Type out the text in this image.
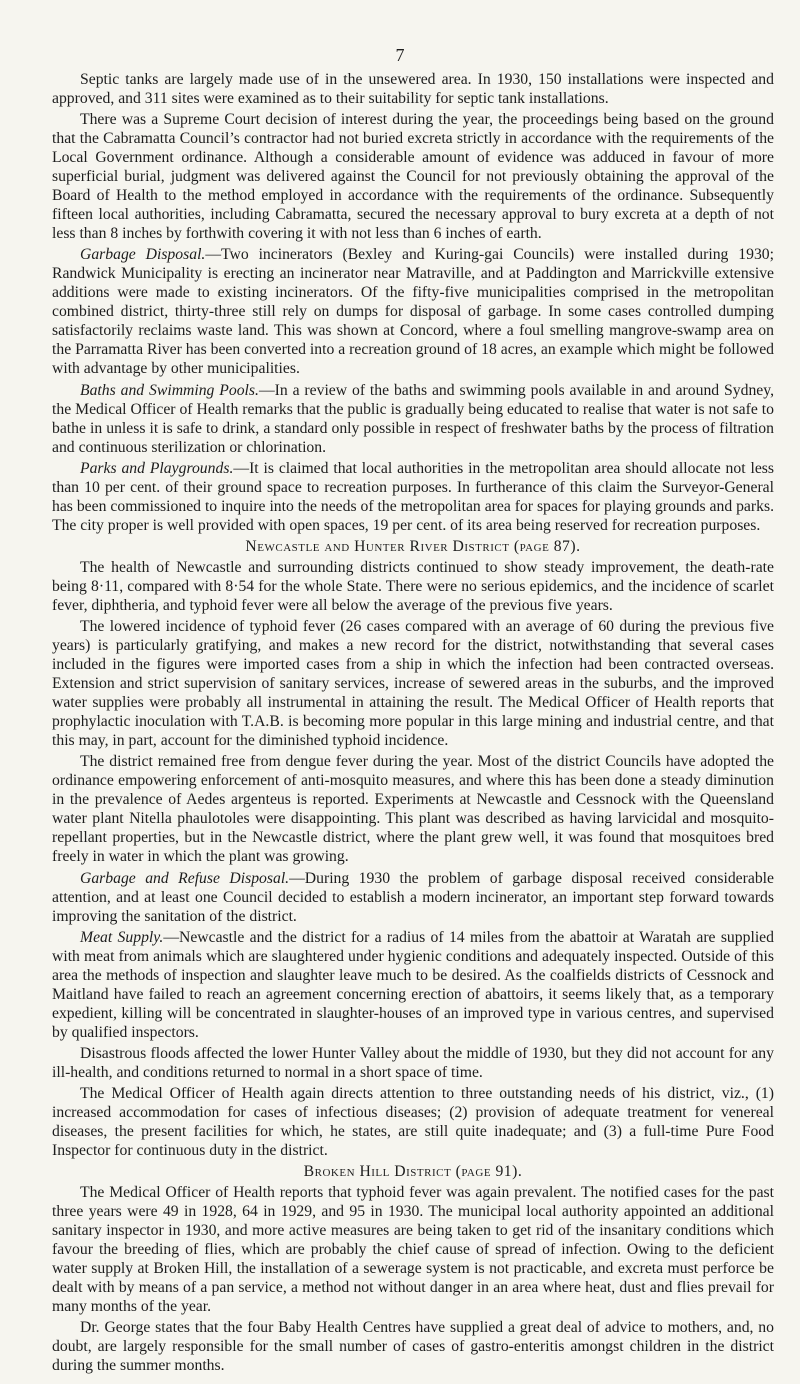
7

Septic tanks are largely made use of in the unsewered area. In 1930, 150 installations were inspected and approved, and 311 sites were examined as to their suitability for septic tank installations.

There was a Supreme Court decision of interest during the year, the proceedings being based on the ground that the Cabramatta Council’s contractor had not buried excreta strictly in accordance with the requirements of the Local Government ordinance. Although a considerable amount of evidence was adduced in favour of more superficial burial, judgment was delivered against the Council for not previously obtaining the approval of the Board of Health to the method employed in accordance with the requirements of the ordinance. Subsequently fifteen local authorities, including Cabramatta, secured the necessary approval to bury excreta at a depth of not less than 8 inches by forthwith covering it with not less than 6 inches of earth.

Garbage Disposal.—Two incinerators (Bexley and Kuring-gai Councils) were installed during 1930; Randwick Municipality is erecting an incinerator near Matraville, and at Paddington and Marrickville extensive additions were made to existing incinerators. Of the fifty-five municipalities comprised in the metropolitan combined district, thirty-three still rely on dumps for disposal of garbage. In some cases controlled dumping satisfactorily reclaims waste land. This was shown at Concord, where a foul smelling mangrove-swamp area on the Parramatta River has been converted into a recreation ground of 18 acres, an example which might be followed with advantage by other municipalities.

Baths and Swimming Pools.—In a review of the baths and swimming pools available in and around Sydney, the Medical Officer of Health remarks that the public is gradually being educated to realise that water is not safe to bathe in unless it is safe to drink, a standard only possible in respect of freshwater baths by the process of filtration and continuous sterilization or chlorination.

Parks and Playgrounds.—It is claimed that local authorities in the metropolitan area should allocate not less than 10 per cent. of their ground space to recreation purposes. In furtherance of this claim the Surveyor-General has been commissioned to inquire into the needs of the metropolitan area for spaces for playing grounds and parks. The city proper is well provided with open spaces, 19 per cent. of its area being reserved for recreation purposes.

Newcastle and Hunter River District (page 87).

The health of Newcastle and surrounding districts continued to show steady improvement, the death-rate being 8·11, compared with 8·54 for the whole State. There were no serious epidemics, and the incidence of scarlet fever, diphtheria, and typhoid fever were all below the average of the previous five years.

The lowered incidence of typhoid fever (26 cases compared with an average of 60 during the previous five years) is particularly gratifying, and makes a new record for the district, notwithstanding that several cases included in the figures were imported cases from a ship in which the infection had been contracted overseas. Extension and strict supervision of sanitary services, increase of sewered areas in the suburbs, and the improved water supplies were probably all instrumental in attaining the result. The Medical Officer of Health reports that prophylactic inoculation with T.A.B. is becoming more popular in this large mining and industrial centre, and that this may, in part, account for the diminished typhoid incidence.

The district remained free from dengue fever during the year. Most of the district Councils have adopted the ordinance empowering enforcement of anti-mosquito measures, and where this has been done a steady diminution in the prevalence of Aedes argenteus is reported. Experiments at Newcastle and Cessnock with the Queensland water plant Nitella phaulotoles were disappointing. This plant was described as having larvicidal and mosquito-repellant properties, but in the Newcastle district, where the plant grew well, it was found that mosquitoes bred freely in water in which the plant was growing.

Garbage and Refuse Disposal.—During 1930 the problem of garbage disposal received considerable attention, and at least one Council decided to establish a modern incinerator, an important step forward towards improving the sanitation of the district.

Meat Supply.—Newcastle and the district for a radius of 14 miles from the abattoir at Waratah are supplied with meat from animals which are slaughtered under hygienic conditions and adequately inspected. Outside of this area the methods of inspection and slaughter leave much to be desired. As the coalfields districts of Cessnock and Maitland have failed to reach an agreement concerning erection of abattoirs, it seems likely that, as a temporary expedient, killing will be concentrated in slaughter-houses of an improved type in various centres, and supervised by qualified inspectors.

Disastrous floods affected the lower Hunter Valley about the middle of 1930, but they did not account for any ill-health, and conditions returned to normal in a short space of time.

The Medical Officer of Health again directs attention to three outstanding needs of his district, viz., (1) increased accommodation for cases of infectious diseases; (2) provision of adequate treatment for venereal diseases, the present facilities for which, he states, are still quite inadequate; and (3) a full-time Pure Food Inspector for continuous duty in the district.

Broken Hill District (page 91).

The Medical Officer of Health reports that typhoid fever was again prevalent. The notified cases for the past three years were 49 in 1928, 64 in 1929, and 95 in 1930. The municipal local authority appointed an additional sanitary inspector in 1930, and more active measures are being taken to get rid of the insanitary conditions which favour the breeding of flies, which are probably the chief cause of spread of infection. Owing to the deficient water supply at Broken Hill, the installation of a sewerage system is not practicable, and excreta must perforce be dealt with by means of a pan service, a method not without danger in an area where heat, dust and flies prevail for many months of the year.

Dr. George states that the four Baby Health Centres have supplied a great deal of advice to mothers, and, no doubt, are largely responsible for the small number of cases of gastro-enteritis amongst children in the district during the summer months.
